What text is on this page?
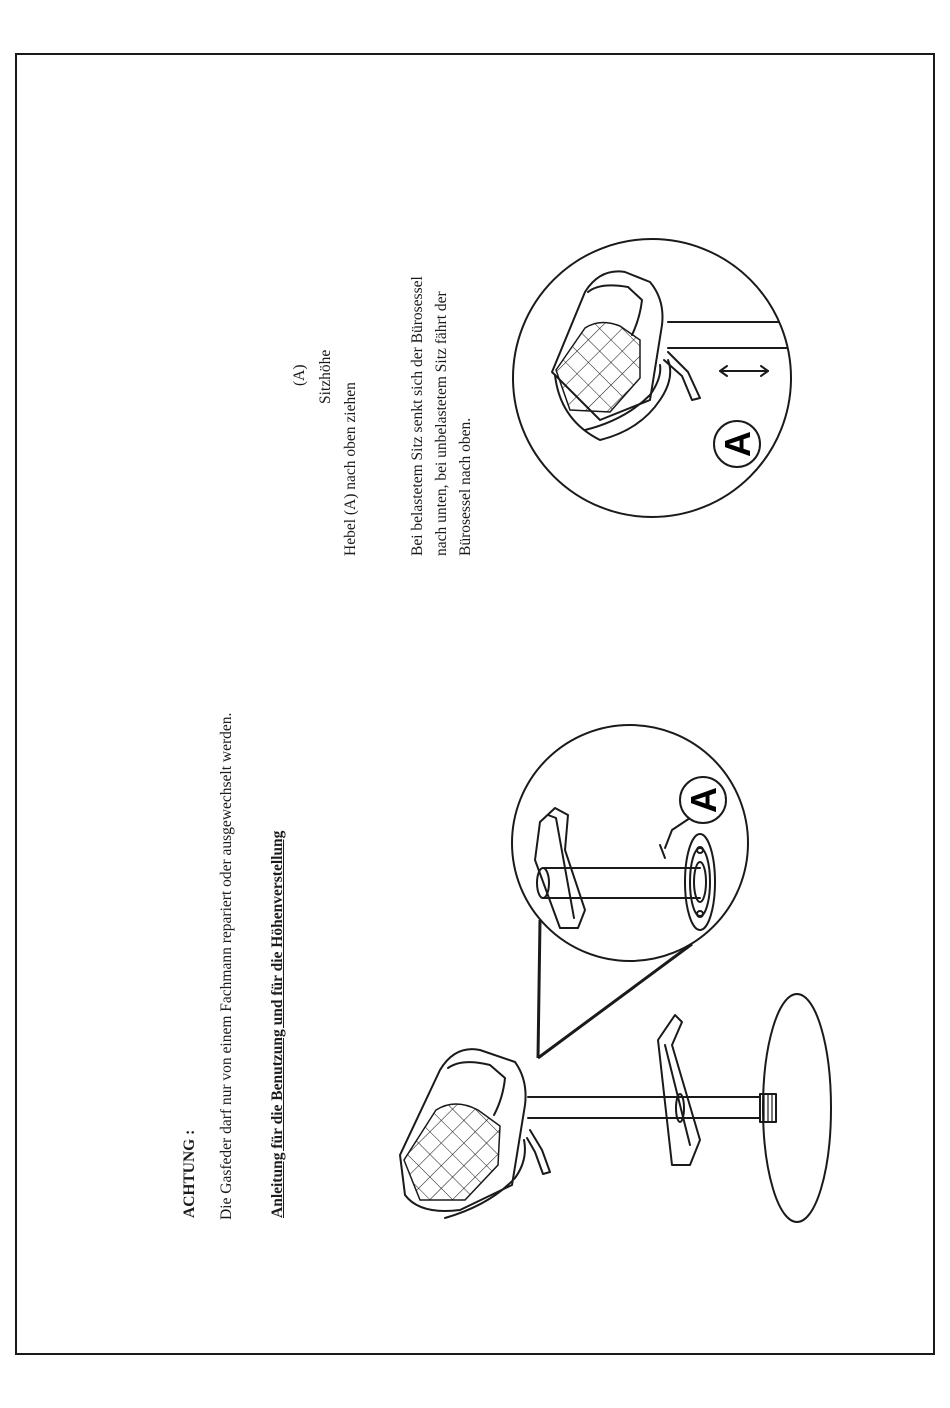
ACHTUNG : Die Gasfeder darf nur von einem Fachmann repariert oder ausgewechselt werden. Anleitung für die Benutzung und für die Höhenverstellung
(A) Sitzhöhe
Hebel (A) nach oben ziehen	Bei belastetem Sitz senkt sich der Bürosessel nach unten, bei unbelastetem Sitz fährt der Bürosessel nach oben.	A
A
